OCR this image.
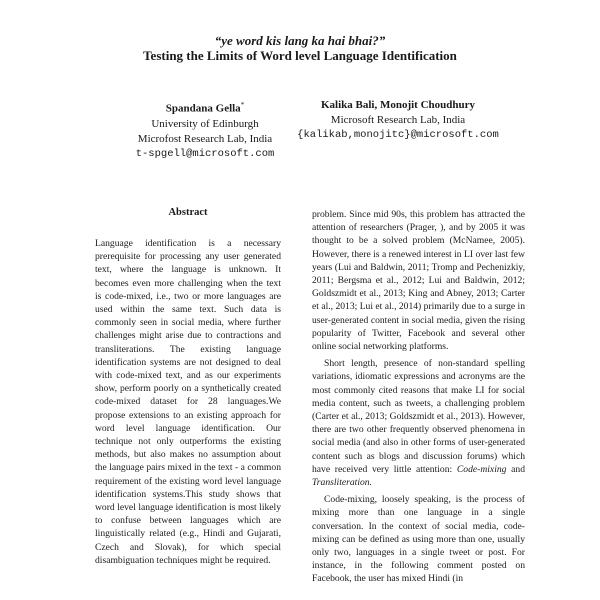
“ye word kis lang ka hai bhai?”
Testing the Limits of Word level Language Identification
Spandana Gella*
University of Edinburgh
Microfost Research Lab, India
t-spgell@microsoft.com
Kalika Bali, Monojit Choudhury
Microsoft Research Lab, India
{kalikab,monojitc}@microsoft.com
Abstract

Language identification is a necessary prerequisite for processing any user generated text, where the language is unknown. It becomes even more challenging when the text is code-mixed, i.e., two or more languages are used within the same text. Such data is commonly seen in social media, where further challenges might arise due to contractions and transliterations. The existing language identification systems are not designed to deal with code-mixed text, and as our experiments show, perform poorly on a synthetically created code-mixed dataset for 28 languages.We propose extensions to an existing approach for word level language identification. Our technique not only outperforms the existing methods, but also makes no assumption about the language pairs mixed in the text - a common requirement of the existing word level language identification systems.This study shows that word level language identification is most likely to confuse between languages which are linguistically related (e.g., Hindi and Gujarati, Czech and Slovak), for which special disambiguation techniques might be required.

problem. Since mid 90s, this problem has attracted the attention of researchers (Prager, ), and by 2005 it was thought to be a solved problem (McNamee, 2005). However, there is a renewed interest in LI over last few years (Lui and Baldwin, 2011; Tromp and Pechenizkiy, 2011; Bergsma et al., 2012; Lui and Baldwin, 2012; Goldszmidt et al., 2013; King and Abney, 2013; Carter et al., 2013; Lui et al., 2014) primarily due to a surge in user-generated content in social media, given the rising popularity of Twitter, Facebook and several other online social networking platforms.

Short length, presence of non-standard spelling variations, idiomatic expressions and acronyms are the most commonly cited reasons that make LI for social media content, such as tweets, a challenging problem (Carter et al., 2013; Goldszmidt et al., 2013). However, there are two other frequently observed phenomena in social media (and also in other forms of user-generated content such as blogs and discussion forums) which have received very little attention: Code-mixing and Transliteration.

Code-mixing, loosely speaking, is the process of mixing more than one language in a single conversation. In the context of social media, code-mixing can be defined as using more than one, usually only two, languages in a single tweet or post. For instance, in the following comment posted on Facebook, the user has mixed Hindi (in
